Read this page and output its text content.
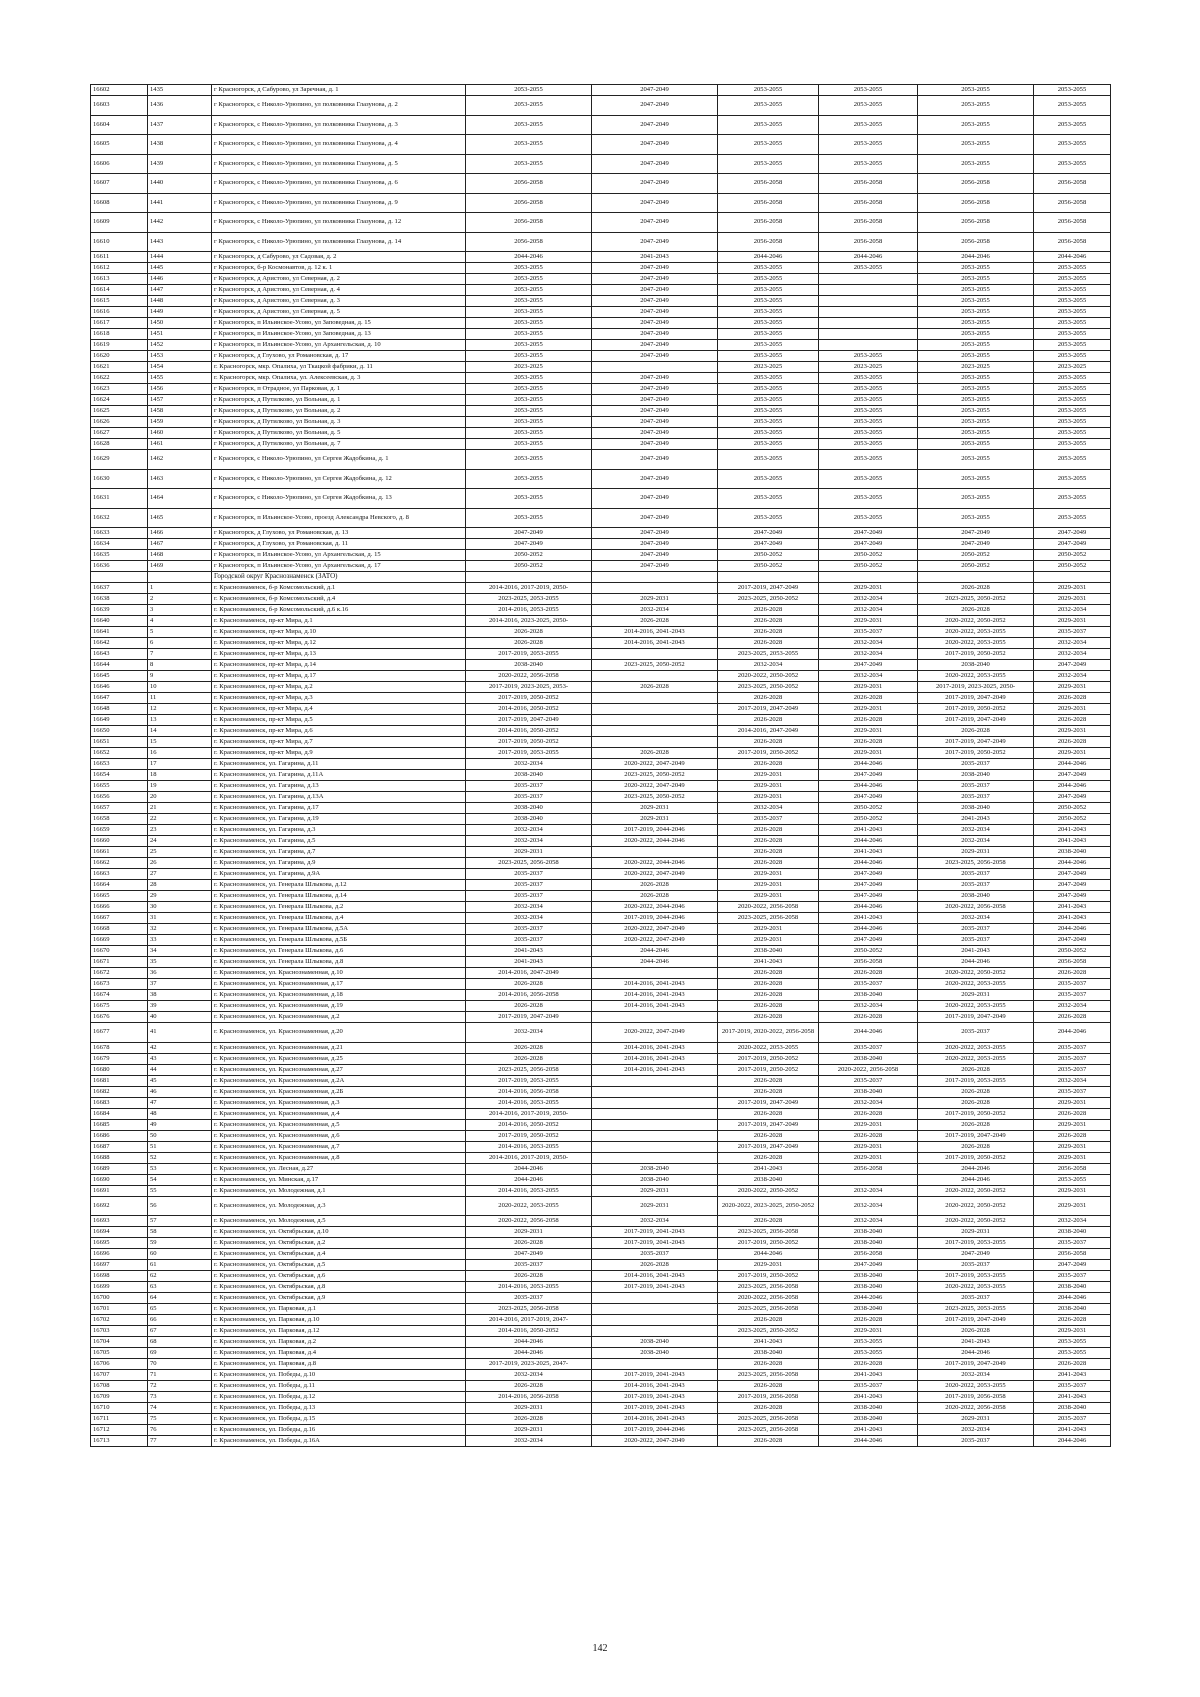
16602	1435	г Красногорск, д Сабурово, ул Заречная, д. 1	2053-2055	2047-2049	2053-2055	2053-2055	2053-2055	2053-2055
16603	1436	г Красногорск, с Николо-Урюпино, ул полковника Глазунова, д. 2	2053-2055	2047-2049	2053-2055	2053-2055	2053-2055	2053-2055
16604	1437	г Красногорск, с Николо-Урюпино, ул полковника Глазунова, д. 3	2053-2055	2047-2049	2053-2055	2053-2055	2053-2055	2053-2055
16605	1438	г Красногорск, с Николо-Урюпино, ул полковника Глазунова, д. 4	2053-2055	2047-2049	2053-2055	2053-2055	2053-2055	2053-2055
16606	1439	г Красногорск, с Николо-Урюпино, ул полковника Глазунова, д. 5	2053-2055	2047-2049	2053-2055	2053-2055	2053-2055	2053-2055
16607	1440	г Красногорск, с Николо-Урюпино, ул полковника Глазунова, д. 6	2056-2058	2047-2049	2056-2058	2056-2058	2056-2058	2056-2058
16608	1441	г Красногорск, с Николо-Урюпино, ул полковника Глазунова, д. 9	2056-2058	2047-2049	2056-2058	2056-2058	2056-2058	2056-2058
16609	1442	г Красногорск, с Николо-Урюпино, ул полковника Глазунова, д. 12	2056-2058	2047-2049	2056-2058	2056-2058	2056-2058	2056-2058
16610	1443	г Красногорск, с Николо-Урюпино, ул полковника Глазунова, д. 14	2056-2058	2047-2049	2056-2058	2056-2058	2056-2058	2056-2058
16611	1444	г Красногорск, д Сабурово, ул Садовая, д. 2	2044-2046	2041-2043	2044-2046	2044-2046	2044-2046	2044-2046
16612	1445	г Красногорск, б-р Космонавтов, д. 12 к. 1	2053-2055	2047-2049	2053-2055	2053-2055	2053-2055	2053-2055
16613	1446	г Красногорск, д Аристово, ул Северная, д. 2	2053-2055	2047-2049	2053-2055		2053-2055	2053-2055
16614	1447	г Красногорск, д Аристово, ул Северная, д. 4	2053-2055	2047-2049	2053-2055		2053-2055	2053-2055
16615	1448	г Красногорск, д Аристово, ул Северная, д. 3	2053-2055	2047-2049	2053-2055		2053-2055	2053-2055
16616	1449	г Красногорск, д Аристово, ул Северная, д. 5	2053-2055	2047-2049	2053-2055		2053-2055	2053-2055
16617	1450	г Красногорск, п Ильинское-Усово, ул Заповедная, д. 15	2053-2055	2047-2049	2053-2055		2053-2055	2053-2055
16618	1451	г Красногорск, п Ильинское-Усово, ул Заповедная, д. 13	2053-2055	2047-2049	2053-2055		2053-2055	2053-2055
16619	1452	г Красногорск, п Ильинское-Усово, ул Архангельская, д. 10	2053-2055	2047-2049	2053-2055		2053-2055	2053-2055
16620	1453	г Красногорск, д Глухово, ул Романовская, д. 17	2053-2055	2047-2049	2053-2055	2053-2055	2053-2055	2053-2055
16621	1454	г. Красногорск, мкр. Опалиха, ул Ткацкой фабрики, д. 11	2023-2025		2023-2025	2023-2025	2023-2025	2023-2025
16622	1455	г. Красногорск, мкр. Опалиха, ул. Алексеевская, д. 3	2053-2055	2047-2049	2053-2055	2053-2055	2053-2055	2053-2055
16623	1456	г Красногорск, п Отрадное, ул Парковая, д. 1	2053-2055	2047-2049	2053-2055	2053-2055	2053-2055	2053-2055
16624	1457	г Красногорск, д Путилково, ул Вольная, д. 1	2053-2055	2047-2049	2053-2055	2053-2055	2053-2055	2053-2055
16625	1458	г Красногорск, д Путилково, ул Вольная, д. 2	2053-2055	2047-2049	2053-2055	2053-2055	2053-2055	2053-2055
16626	1459	г Красногорск, д Путилково, ул Вольная, д. 3	2053-2055	2047-2049	2053-2055	2053-2055	2053-2055	2053-2055
16627	1460	г Красногорск, д Путилково, ул Вольная, д. 5	2053-2055	2047-2049	2053-2055	2053-2055	2053-2055	2053-2055
16628	1461	г Красногорск, д Путилково, ул Вольная, д. 7	2053-2055	2047-2049	2053-2055	2053-2055	2053-2055	2053-2055
16629	1462	г Красногорск, с Николо-Урюпино, ул Сергея Жадобкина, д. 1	2053-2055	2047-2049	2053-2055	2053-2055	2053-2055	2053-2055
16630	1463	г Красногорск, с Николо-Урюпино, ул Сергея Жадобкина, д. 12	2053-2055	2047-2049	2053-2055	2053-2055	2053-2055	2053-2055
16631	1464	г Красногорск, с Николо-Урюпино, ул Сергея Жадобкина, д. 13	2053-2055	2047-2049	2053-2055	2053-2055	2053-2055	2053-2055
16632	1465	г Красногорск, п Ильинское-Усово, проезд Александра Невского, д. 8	2053-2055	2047-2049	2053-2055	2053-2055	2053-2055	2053-2055
16633	1466	г Красногорск, д Глухово, ул Романовская, д. 13	2047-2049	2047-2049	2047-2049	2047-2049	2047-2049	2047-2049
16634	1467	г Красногорск, д Глухово, ул Романовская, д. 11	2047-2049	2047-2049	2047-2049	2047-2049	2047-2049	2047-2049
16635	1468	г Красногорск, п Ильинское-Усово, ул Архангельская, д. 15	2050-2052	2047-2049	2050-2052	2050-2052	2050-2052	2050-2052
16636	1469	г Красногорск, п Ильинское-Усово, ул Архангельская, д. 17	2050-2052	2047-2049	2050-2052	2050-2052	2050-2052	2050-2052
		Городской округ Краснознаменск (ЗАТО)						
16637	1	г. Краснознаменск, б-р Комсомольский, д.1	2014-2016, 2017-2019, 2050-		2017-2019, 2047-2049	2029-2031	2026-2028	2029-2031
16638	2	г. Краснознаменск, б-р Комсомольский, д.4	2023-2025, 2053-2055	2029-2031	2023-2025, 2050-2052	2032-2034	2023-2025, 2050-2052	2029-2031
16639	3	г. Краснознаменск, б-р Комсомольский, д.6 к.16	2014-2016, 2053-2055	2032-2034	2026-2028	2032-2034	2026-2028	2032-2034
16640	4	г. Краснознаменск, пр-кт Мира, д.1	2014-2016, 2023-2025, 2050-	2026-2028	2026-2028	2029-2031	2020-2022, 2050-2052	2029-2031
16641	5	г. Краснознаменск, пр-кт Мира, д.10	2026-2028	2014-2016, 2041-2043	2026-2028	2035-2037	2020-2022, 2053-2055	2035-2037
16642	6	г. Краснознаменск, пр-кт Мира, д.12	2026-2028	2014-2016, 2041-2043	2026-2028	2032-2034	2020-2022, 2053-2055	2032-2034
16643	7	г. Краснознаменск, пр-кт Мира, д.13	2017-2019, 2053-2055		2023-2025, 2053-2055	2032-2034	2017-2019, 2050-2052	2032-2034
16644	8	г. Краснознаменск, пр-кт Мира, д.14	2038-2040	2023-2025, 2050-2052	2032-2034	2047-2049	2038-2040	2047-2049
16645	9	г. Краснознаменск, пр-кт Мира, д.17	2020-2022, 2056-2058		2020-2022, 2050-2052	2032-2034	2020-2022, 2053-2055	2032-2034
16646	10	г. Краснознаменск, пр-кт Мира, д.2	2017-2019, 2023-2025, 2053-	2026-2028	2023-2025, 2050-2052	2029-2031	2017-2019, 2023-2025, 2050-	2029-2031
16647	11	г. Краснознаменск, пр-кт Мира, д.3	2017-2019, 2050-2052		2026-2028	2026-2028	2017-2019, 2047-2049	2026-2028
16648	12	г. Краснознаменск, пр-кт Мира, д.4	2014-2016, 2050-2052		2017-2019, 2047-2049	2029-2031	2017-2019, 2050-2052	2029-2031
16649	13	г. Краснознаменск, пр-кт Мира, д.5	2017-2019, 2047-2049		2026-2028	2026-2028	2017-2019, 2047-2049	2026-2028
16650	14	г. Краснознаменск, пр-кт Мира, д.6	2014-2016, 2050-2052		2014-2016, 2047-2049	2029-2031	2026-2028	2029-2031
16651	15	г. Краснознаменск, пр-кт Мира, д.7	2017-2019, 2050-2052		2026-2028	2026-2028	2017-2019, 2047-2049	2026-2028
16652	16	г. Краснознаменск, пр-кт Мира, д.9	2017-2019, 2053-2055	2026-2028	2017-2019, 2050-2052	2029-2031	2017-2019, 2050-2052	2029-2031
16653	17	г. Краснознаменск, ул. Гагарина, д.11	2032-2034	2020-2022, 2047-2049	2026-2028	2044-2046	2035-2037	2044-2046
16654	18	г. Краснознаменск, ул. Гагарина, д.11А	2038-2040	2023-2025, 2050-2052	2029-2031	2047-2049	2038-2040	2047-2049
16655	19	г. Краснознаменск, ул. Гагарина, д.13	2035-2037	2020-2022, 2047-2049	2029-2031	2044-2046	2035-2037	2044-2046
16656	20	г. Краснознаменск, ул. Гагарина, д.13А	2035-2037	2023-2025, 2050-2052	2029-2031	2047-2049	2035-2037	2047-2049
16657	21	г. Краснознаменск, ул. Гагарина, д.17	2038-2040	2029-2031	2032-2034	2050-2052	2038-2040	2050-2052
16658	22	г. Краснознаменск, ул. Гагарина, д.19	2038-2040	2029-2031	2035-2037	2050-2052	2041-2043	2050-2052
16659	23	г. Краснознаменск, ул. Гагарина, д.3	2032-2034	2017-2019, 2044-2046	2026-2028	2041-2043	2032-2034	2041-2043
16660	24	г. Краснознаменск, ул. Гагарина, д.5	2032-2034	2020-2022, 2044-2046	2026-2028	2044-2046	2032-2034	2041-2043
16661	25	г. Краснознаменск, ул. Гагарина, д.7	2029-2031		2026-2028	2041-2043	2029-2031	2038-2040
16662	26	г. Краснознаменск, ул. Гагарина, д.9	2023-2025, 2056-2058	2020-2022, 2044-2046	2026-2028	2044-2046	2023-2025, 2056-2058	2044-2046
16663	27	г. Краснознаменск, ул. Гагарина, д.9А	2035-2037	2020-2022, 2047-2049	2029-2031	2047-2049	2035-2037	2047-2049
16664	28	г. Краснознаменск, ул. Генерала Шлыкова, д.12	2035-2037	2026-2028	2029-2031	2047-2049	2035-2037	2047-2049
16665	29	г. Краснознаменск, ул. Генерала Шлыкова, д.14	2035-2037	2026-2028	2029-2031	2047-2049	2038-2040	2047-2049
16666	30	г. Краснознаменск, ул. Генерала Шлыкова, д.2	2032-2034	2020-2022, 2044-2046	2020-2022, 2056-2058	2044-2046	2020-2022, 2056-2058	2041-2043
16667	31	г. Краснознаменск, ул. Генерала Шлыкова, д.4	2032-2034	2017-2019, 2044-2046	2023-2025, 2056-2058	2041-2043	2032-2034	2041-2043
16668	32	г. Краснознаменск, ул. Генерала Шлыкова, д.5А	2035-2037	2020-2022, 2047-2049	2029-2031	2044-2046	2035-2037	2044-2046
16669	33	г. Краснознаменск, ул. Генерала Шлыкова, д.5Б	2035-2037	2020-2022, 2047-2049	2029-2031	2047-2049	2035-2037	2047-2049
16670	34	г. Краснознаменск, ул. Генерала Шлыкова, д.6	2041-2043	2044-2046	2038-2040	2050-2052	2041-2043	2050-2052
16671	35	г. Краснознаменск, ул. Генерала Шлыкова, д.8	2041-2043	2044-2046	2041-2043	2056-2058	2044-2046	2056-2058
16672	36	г. Краснознаменск, ул. Краснознаменная, д.10	2014-2016, 2047-2049		2026-2028	2026-2028	2020-2022, 2050-2052	2026-2028
16673	37	г. Краснознаменск, ул. Краснознаменная, д.17	2026-2028	2014-2016, 2041-2043	2026-2028	2035-2037	2020-2022, 2053-2055	2035-2037
16674	38	г. Краснознаменск, ул. Краснознаменная, д.18	2014-2016, 2056-2058	2014-2016, 2041-2043	2026-2028	2038-2040	2029-2031	2035-2037
16675	39	г. Краснознаменск, ул. Краснознаменная, д.19	2026-2028	2014-2016, 2041-2043	2026-2028	2032-2034	2020-2022, 2053-2055	2032-2034
16676	40	г. Краснознаменск, ул. Краснознаменная, д.2	2017-2019, 2047-2049		2026-2028	2026-2028	2017-2019, 2047-2049	2026-2028
16677	41	г. Краснознаменск, ул. Краснознаменная, д.20	2032-2034	2020-2022, 2047-2049	2017-2019, 2020-2022, 2056-2058	2044-2046	2035-2037	2044-2046
16678	42	г. Краснознаменск, ул. Краснознаменная, д.21	2026-2028	2014-2016, 2041-2043	2020-2022, 2053-2055	2035-2037	2020-2022, 2053-2055	2035-2037
16679	43	г. Краснознаменск, ул. Краснознаменная, д.25	2026-2028	2014-2016, 2041-2043	2017-2019, 2050-2052	2038-2040	2020-2022, 2053-2055	2035-2037
16680	44	г. Краснознаменск, ул. Краснознаменная, д.27	2023-2025, 2056-2058	2014-2016, 2041-2043	2017-2019, 2050-2052	2020-2022, 2056-2058	2026-2028	2035-2037
16681	45	г. Краснознаменск, ул. Краснознаменная, д.2А	2017-2019, 2053-2055		2026-2028	2035-2037	2017-2019, 2053-2055	2032-2034
16682	46	г. Краснознаменск, ул. Краснознаменная, д.2Б	2014-2016, 2056-2058		2026-2028	2038-2040	2026-2028	2035-2037
16683	47	г. Краснознаменск, ул. Краснознаменная, д.3	2014-2016, 2053-2055		2017-2019, 2047-2049	2032-2034	2026-2028	2029-2031
16684	48	г. Краснознаменск, ул. Краснознаменная, д.4	2014-2016, 2017-2019, 2050-		2026-2028	2026-2028	2017-2019, 2050-2052	2026-2028
16685	49	г. Краснознаменск, ул. Краснознаменная, д.5	2014-2016, 2050-2052		2017-2019, 2047-2049	2029-2031	2026-2028	2029-2031
16686	50	г. Краснознаменск, ул. Краснознаменная, д.6	2017-2019, 2050-2052		2026-2028	2026-2028	2017-2019, 2047-2049	2026-2028
16687	51	г. Краснознаменск, ул. Краснознаменная, д.7	2014-2016, 2053-2055		2017-2019, 2047-2049	2029-2031	2026-2028	2029-2031
16688	52	г. Краснознаменск, ул. Краснознаменная, д.8	2014-2016, 2017-2019, 2050-		2026-2028	2029-2031	2017-2019, 2050-2052	2029-2031
16689	53	г. Краснознаменск, ул. Лесная, д.27	2044-2046	2038-2040	2041-2043	2056-2058	2044-2046	2056-2058
16690	54	г. Краснознаменск, ул. Минская, д.17	2044-2046	2038-2040	2038-2040		2044-2046	2053-2055
16691	55	г. Краснознаменск, ул. Молодежная, д.1	2014-2016, 2053-2055	2029-2031	2020-2022, 2050-2052	2032-2034	2020-2022, 2050-2052	2029-2031
16692	56	г. Краснознаменск, ул. Молодежная, д.3	2020-2022, 2053-2055	2029-2031	2020-2022, 2023-2025, 2050-2052	2032-2034	2020-2022, 2050-2052	2029-2031
16693	57	г. Краснознаменск, ул. Молодежная, д.5	2020-2022, 2056-2058	2032-2034	2026-2028	2032-2034	2020-2022, 2050-2052	2032-2034
16694	58	г. Краснознаменск, ул. Октябрьская, д.10	2029-2031	2017-2019, 2041-2043	2023-2025, 2056-2058	2038-2040	2029-2031	2038-2040
16695	59	г. Краснознаменск, ул. Октябрьская, д.2	2026-2028	2017-2019, 2041-2043	2017-2019, 2050-2052	2038-2040	2017-2019, 2053-2055	2035-2037
16696	60	г. Краснознаменск, ул. Октябрьская, д.4	2047-2049	2035-2037	2044-2046	2056-2058	2047-2049	2056-2058
16697	61	г. Краснознаменск, ул. Октябрьская, д.5	2035-2037	2026-2028	2029-2031	2047-2049	2035-2037	2047-2049
16698	62	г. Краснознаменск, ул. Октябрьская, д.6	2026-2028	2014-2016, 2041-2043	2017-2019, 2050-2052	2038-2040	2017-2019, 2053-2055	2035-2037
16699	63	г. Краснознаменск, ул. Октябрьская, д.8	2014-2016, 2053-2055	2017-2019, 2041-2043	2023-2025, 2056-2058	2038-2040	2020-2022, 2053-2055	2038-2040
16700	64	г. Краснознаменск, ул. Октябрьская, д.9	2035-2037		2020-2022, 2056-2058	2044-2046	2035-2037	2044-2046
16701	65	г. Краснознаменск, ул. Парковая, д.1	2023-2025, 2056-2058		2023-2025, 2056-2058	2038-2040	2023-2025, 2053-2055	2038-2040
16702	66	г. Краснознаменск, ул. Парковая, д.10	2014-2016, 2017-2019, 2047-		2026-2028	2026-2028	2017-2019, 2047-2049	2026-2028
16703	67	г. Краснознаменск, ул. Парковая, д.12	2014-2016, 2050-2052		2023-2025, 2050-2052	2029-2031	2026-2028	2029-2031
16704	68	г. Краснознаменск, ул. Парковая, д.2	2044-2046	2038-2040	2041-2043	2053-2055	2041-2043	2053-2055
16705	69	г. Краснознаменск, ул. Парковая, д.4	2044-2046	2038-2040	2038-2040	2053-2055	2044-2046	2053-2055
16706	70	г. Краснознаменск, ул. Парковая, д.8	2017-2019, 2023-2025, 2047-		2026-2028	2026-2028	2017-2019, 2047-2049	2026-2028
16707	71	г. Краснознаменск, ул. Победы, д.10	2032-2034	2017-2019, 2041-2043	2023-2025, 2056-2058	2041-2043	2032-2034	2041-2043
16708	72	г. Краснознаменск, ул. Победы, д.11	2026-2028	2014-2016, 2041-2043	2026-2028	2035-2037	2020-2022, 2053-2055	2035-2037
16709	73	г. Краснознаменск, ул. Победы, д.12	2014-2016, 2056-2058	2017-2019, 2041-2043	2017-2019, 2056-2058	2041-2043	2017-2019, 2056-2058	2041-2043
16710	74	г. Краснознаменск, ул. Победы, д.13	2029-2031	2017-2019, 2041-2043	2026-2028	2038-2040	2020-2022, 2056-2058	2038-2040
16711	75	г. Краснознаменск, ул. Победы, д.15	2026-2028	2014-2016, 2041-2043	2023-2025, 2056-2058	2038-2040	2029-2031	2035-2037
16712	76	г. Краснознаменск, ул. Победы, д.16	2029-2031	2017-2019, 2044-2046	2023-2025, 2056-2058	2041-2043	2032-2034	2041-2043
16713	77	г. Краснознаменск, ул. Победы, д.16А	2032-2034	2020-2022, 2047-2049	2026-2028	2044-2046	2035-2037	2044-2046
142
